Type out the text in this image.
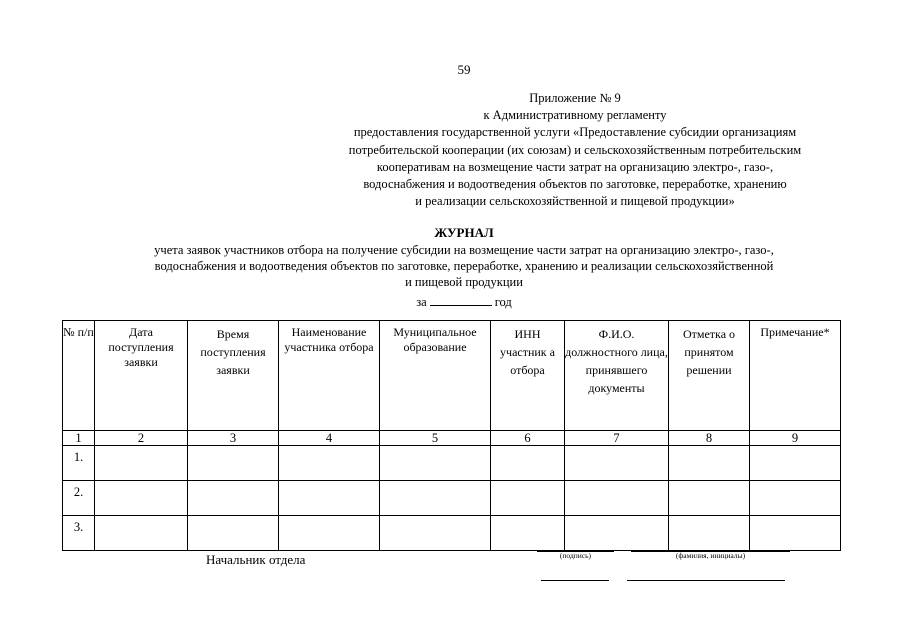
59
Приложение № 9
к Административному регламенту
предоставления государственной услуги «Предоставление субсидии организациям
потребительской кооперации (их союзам) и сельскохозяйственным потребительским
кооперативам на возмещение части затрат на организацию электро-, газо-,
водоснабжения и водоотведения объектов по заготовке, переработке, хранению
и реализации сельскохозяйственной и пищевой продукции»
ЖУРНАЛ
учета заявок участников отбора на получение субсидии на возмещение части затрат на организацию электро-, газо-,
водоснабжения и водоотведения объектов по заготовке, переработке, хранению и реализации сельскохозяйственной
и пищевой продукции
за	год
№ п/п	Дата поступления заявки	Время поступления заявки	Наименование участника отбора	Муниципальное образование	ИНН участник а отбора	Ф.И.О. должностного лица, принявшего документы	Отметка о принятом решении	Примечание*
1	2	3	4	5	6	7	8	9
1.								
2.								
3.								
Начальник отдела	(подпись)	(фамилия, инициалы)
